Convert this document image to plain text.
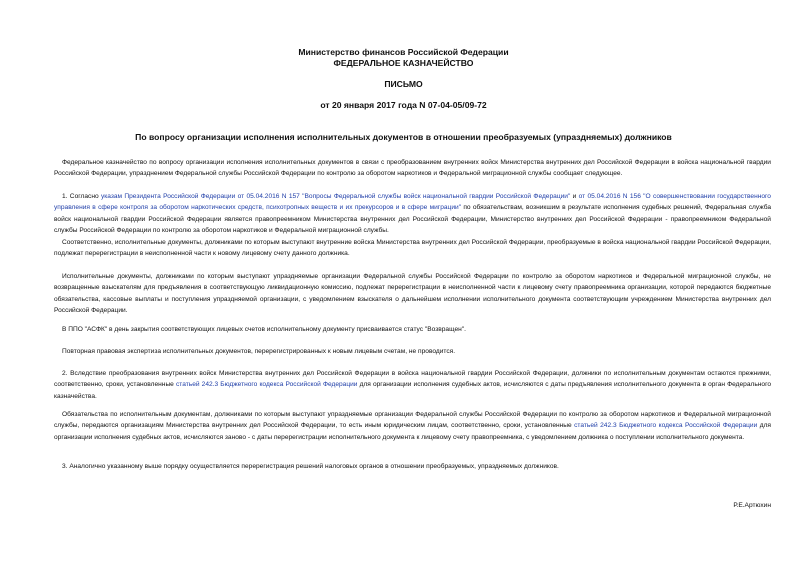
Министерство финансов Российской Федерации
ФЕДЕРАЛЬНОЕ КАЗНАЧЕЙСТВО
ПИСЬМО
от 20 января 2017 года N 07-04-05/09-72
По вопросу организации исполнения исполнительных документов в отношении преобразуемых (упраздняемых) должников
Федеральное казначейство по вопросу организации исполнения исполнительных документов в связи с преобразованием внутренних войск Министерства внутренних дел Российской Федерации в войска национальной гвардии Российской Федерации, упразднением Федеральной службы Российской Федерации по контролю за оборотом наркотиков и Федеральной миграционной службы сообщает следующее.
1. Согласно указам Президента Российской Федерации от 05.04.2016 N 157 "Вопросы Федеральной службы войск национальной гвардии Российской Федерации" и от 05.04.2016 N 156 "О совершенствовании государственного управления в сфере контроля за оборотом наркотических средств, психотропных веществ и их прекурсоров и в сфере миграции" по обязательствам, возникшим в результате исполнения судебных решений, Федеральная служба войск национальной гвардии Российской Федерации является правопреемником Министерства внутренних дел Российской Федерации, Министерство внутренних дел Российской Федерации - правопреемником Федеральной службы Российской Федерации по контролю за оборотом наркотиков и Федеральной миграционной службы.
Соответственно, исполнительные документы, должниками по которым выступают внутренние войска Министерства внутренних дел Российской Федерации, преобразуемые в войска национальной гвардии Российской Федерации, подлежат перерегистрации в неисполненной части к новому лицевому счету данного должника.
Исполнительные документы, должниками по которым выступают упраздняемые организации Федеральной службы Российской Федерации по контролю за оборотом наркотиков и Федеральной миграционной службы, не возвращенные взыскателям для предъявления в соответствующую ликвидационную комиссию, подлежат перерегистрации в неисполненной части к лицевому счету правопреемника организации, которой передаются бюджетные обязательства, кассовые выплаты и поступления упраздняемой организации, с уведомлением взыскателя о дальнейшем исполнении исполнительного документа соответствующим учреждением Министерства внутренних дел Российской Федерации.
В ППО "АСФК" в день закрытия соответствующих лицевых счетов исполнительному документу присваивается статус "Возвращен".
Повторная правовая экспертиза исполнительных документов, перерегистрированных к новым лицевым счетам, не проводится.
2. Вследствие преобразования внутренних войск Министерства внутренних дел Российской Федерации в войска национальной гвардии Российской Федерации, должники по исполнительным документам остаются прежними, соответственно, сроки, установленные статьей 242.3 Бюджетного кодекса Российской Федерации для организации исполнения судебных актов, исчисляются с даты предъявления исполнительного документа в орган Федерального казначейства.
Обязательства по исполнительным документам, должниками по которым выступают упраздняемые организации Федеральной службы Российской Федерации по контролю за оборотом наркотиков и Федеральной миграционной службы, передаются организациям Министерства внутренних дел Российской Федерации, то есть иным юридическим лицам, соответственно, сроки, установленные статьей 242.3 Бюджетного кодекса Российской Федерации для организации исполнения судебных актов, исчисляются заново - с даты перерегистрации исполнительного документа к лицевому счету правопреемника, с уведомлением должника о поступлении исполнительного документа.
3. Аналогично указанному выше порядку осуществляется перерегистрация решений налоговых органов в отношении преобразуемых, упраздняемых должников.
Р.Е.Артюхин
